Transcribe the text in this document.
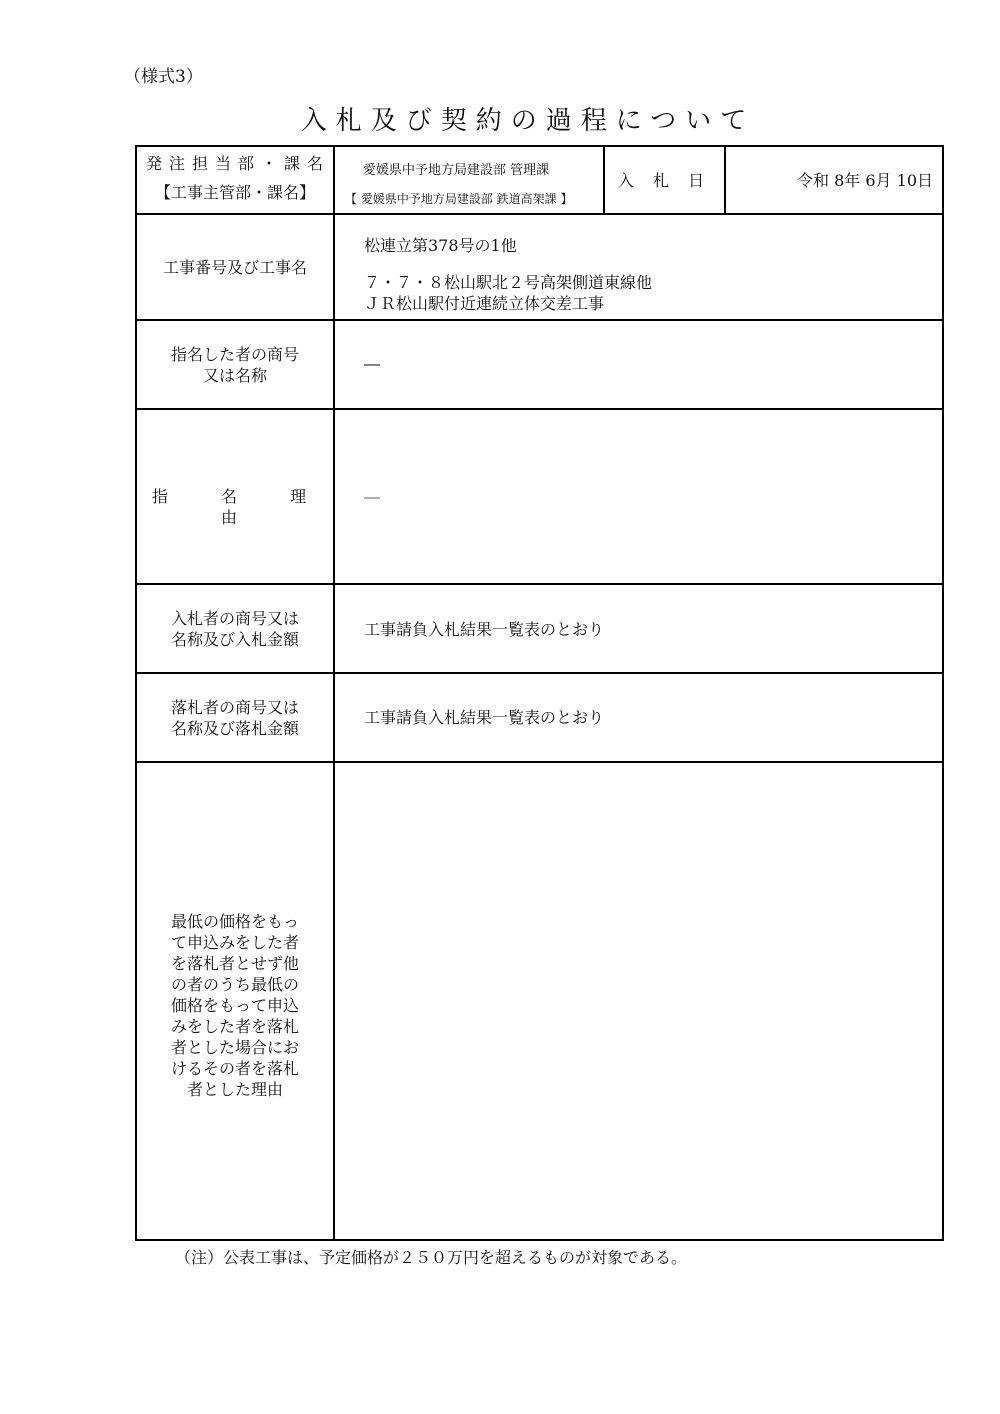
（様式3）
入札及び契約の過程について
発注担当部・課名
【工事主管部・課名】
愛媛県中予地方局建設部 管理課
【 愛媛県中予地方局建設部 鉄道高架課 】
入 札 日	令和 8年 6月 10日
工事番号及び工事名
松連立第378号の1他
７・７・８松山駅北２号高架側道東線他
ＪＲ松山駅付近連続立体交差工事
指名した者の商号
又は名称
―
指 名 理 由
―
入札者の商号又は
名称及び入札金額
工事請負入札結果一覧表のとおり
落札者の商号又は
名称及び落札金額
工事請負入札結果一覧表のとおり
最低の価格をもっ
て申込みをした者
を落札者とせず他
の者のうち最低の
価格をもって申込
みをした者を落札
者とした場合にお
けるその者を落札
者とした理由
（注）公表工事は、予定価格が２５０万円を超えるものが対象である。
